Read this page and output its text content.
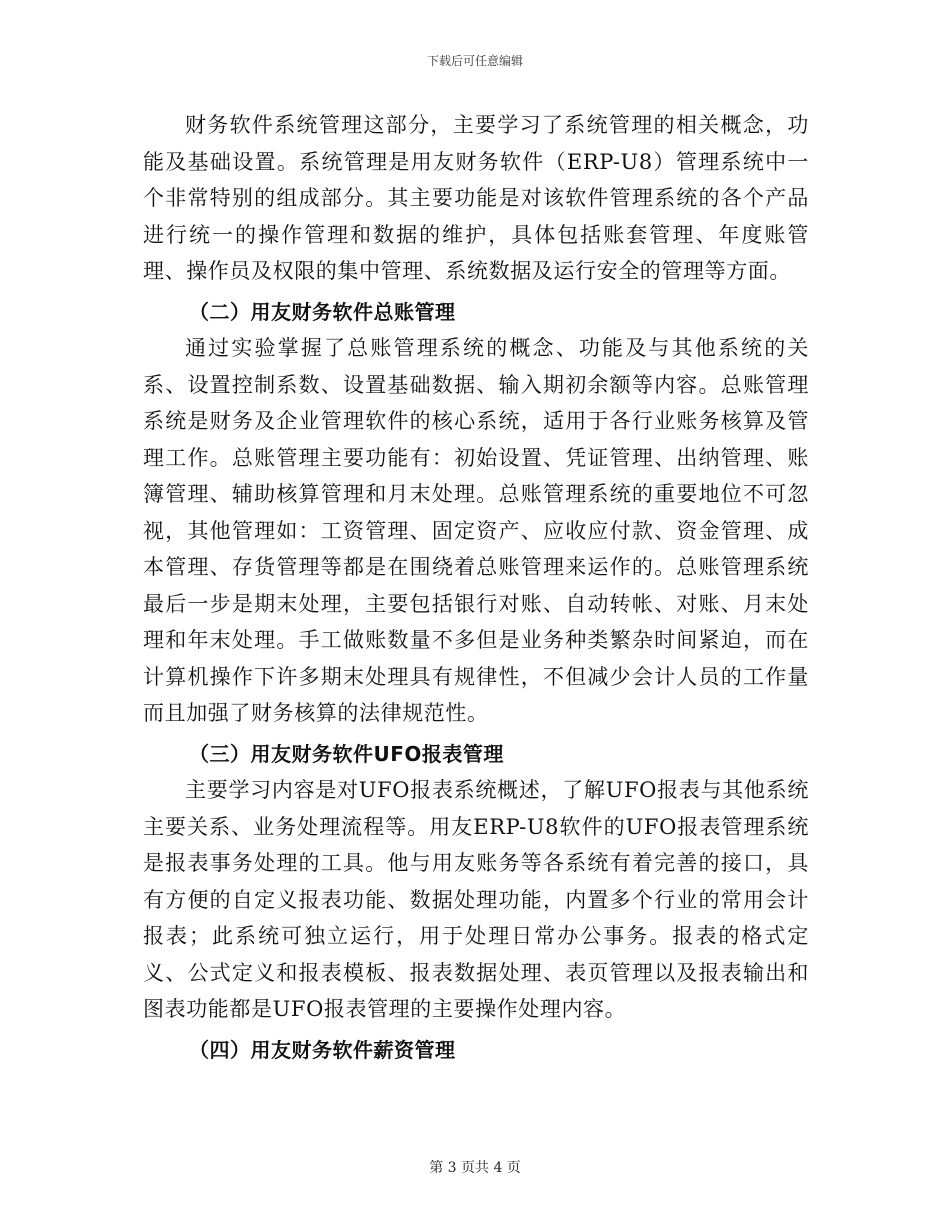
下载后可任意编辑

财务软件系统管理这部分，主要学习了系统管理的相关概念，功能及基础设置。系统管理是用友财务软件（ERP-U8）管理系统中一个非常特别的组成部分。其主要功能是对该软件管理系统的各个产品进行统一的操作管理和数据的维护，具体包括账套管理、年度账管理、操作员及权限的集中管理、系统数据及运行安全的管理等方面。

（二）用友财务软件总账管理

通过实验掌握了总账管理系统的概念、功能及与其他系统的关系、设置控制系数、设置基础数据、输入期初余额等内容。总账管理系统是财务及企业管理软件的核心系统，适用于各行业账务核算及管理工作。总账管理主要功能有：初始设置、凭证管理、出纳管理、账簿管理、辅助核算管理和月末处理。总账管理系统的重要地位不可忽视，其他管理如：工资管理、固定资产、应收应付款、资金管理、成本管理、存货管理等都是在围绕着总账管理来运作的。总账管理系统最后一步是期末处理，主要包括银行对账、自动转帐、对账、月末处理和年末处理。手工做账数量不多但是业务种类繁杂时间紧迫，而在计算机操作下许多期末处理具有规律性，不但减少会计人员的工作量而且加强了财务核算的法律规范性。

（三）用友财务软件UFO报表管理

主要学习内容是对UFO报表系统概述，了解UFO报表与其他系统主要关系、业务处理流程等。用友ERP-U8软件的UFO报表管理系统是报表事务处理的工具。他与用友账务等各系统有着完善的接口，具有方便的自定义报表功能、数据处理功能，内置多个行业的常用会计报表；此系统可独立运行，用于处理日常办公事务。报表的格式定义、公式定义和报表模板、报表数据处理、表页管理以及报表输出和图表功能都是UFO报表管理的主要操作处理内容。

（四）用友财务软件薪资管理

第 3 页共 4 页
